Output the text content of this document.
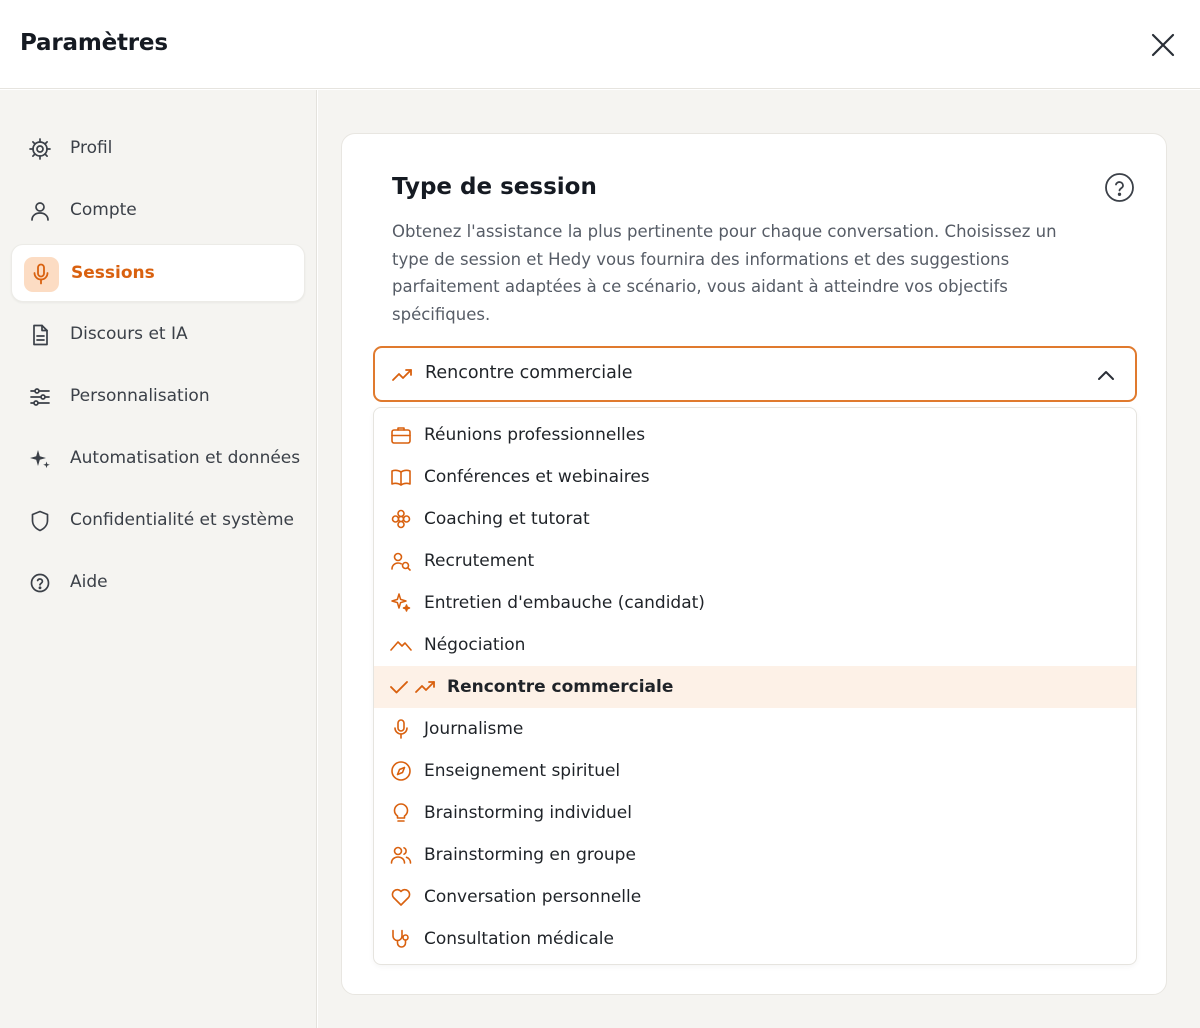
Paramètres
Profil
Compte
Sessions
Discours et IA
Personnalisation
Automatisation et données
Confidentialité et système
Aide
Type de session
Obtenez l'assistance la plus pertinente pour chaque conversation. Choisissez un type de session et Hedy vous fournira des informations et des suggestions parfaitement adaptées à ce scénario, vous aidant à atteindre vos objectifs spécifiques.
Rencontre commerciale
Réunions professionnelles
Conférences et webinaires
Coaching et tutorat
Recrutement
Entretien d'embauche (candidat)
Négociation
Rencontre commerciale
Journalisme
Enseignement spirituel
Brainstorming individuel
Brainstorming en groupe
Conversation personnelle
Consultation médicale
